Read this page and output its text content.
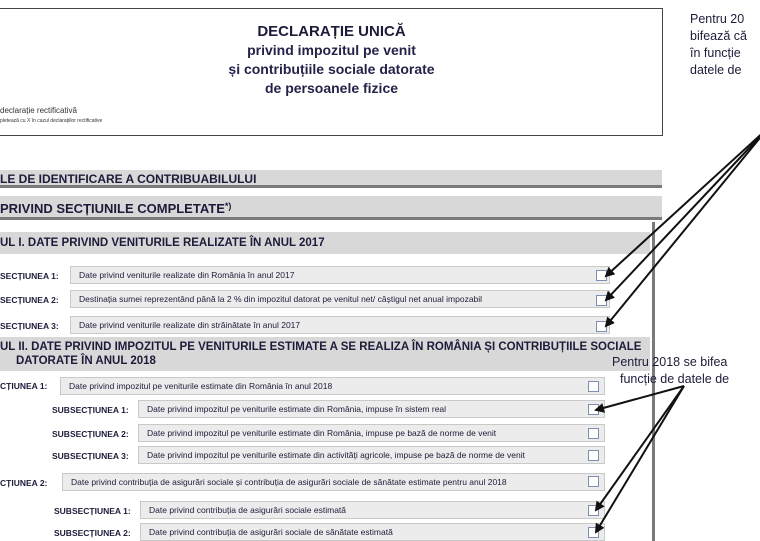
DECLARAȚIE UNICĂ
privind impozitul pe venit
și contribuțiile sociale datorate
de persoanele fizice
declarație rectificativă
pletează cu X în cazul declarațiilor rectificative
LE DE IDENTIFICARE A CONTRIBUABILULUI
PRIVIND SECȚIUNILE COMPLETATE*)
UL I. DATE PRIVIND VENITURILE REALIZATE ÎN ANUL 2017
SECȚIUNEA 1:	Date privind veniturile realizate din România în anul 2017
SECȚIUNEA 2:	Destinația sumei reprezentând până la 2 % din impozitul datorat pe venitul net/ câștigul net anual impozabil
SECȚIUNEA 3:	Date privind veniturile realizate din străinătate în anul 2017
UL II. DATE PRIVIND IMPOZITUL PE VENITURILE ESTIMATE A SE REALIZA ÎN ROMÂNIA ȘI CONTRIBUȚIILE SOCIALE
DATORATE ÎN ANUL 2018
CȚIUNEA 1:	Date privind impozitul pe veniturile estimate din România în anul 2018
SUBSECȚIUNEA 1:	Date privind impozitul pe veniturile estimate din România, impuse în sistem real
SUBSECȚIUNEA 2:	Date privind impozitul pe veniturile estimate din România, impuse pe bază de norme de venit
SUBSECȚIUNEA 3:	Date privind impozitul pe veniturile estimate din activități agricole, impuse pe bază de norme de venit
CȚIUNEA 2:	Date privind contribuția de asigurări sociale și contribuția de asigurări sociale de sănătate estimate pentru anul 2018
SUBSECȚIUNEA 1:	Date privind contribuția de asigurări sociale estimată
SUBSECȚIUNEA 2:	Date privind contribuția de asigurări sociale de sănătate estimată
Pentru 20
bifează că
în funcție
datele de
Pentru 2018 se bifea
funcție de datele de
